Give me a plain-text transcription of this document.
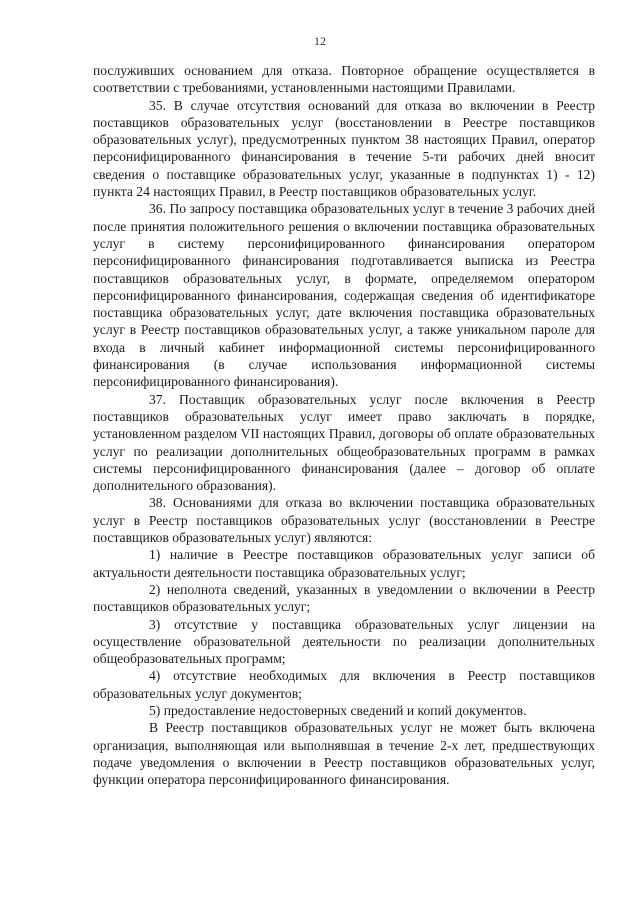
12

послуживших основанием для отказа. Повторное обращение осуществляется в соответствии с требованиями, установленными настоящими Правилами.

35. В случае отсутствия оснований для отказа во включении в Реестр поставщиков образовательных услуг (восстановлении в Реестре поставщиков образовательных услуг), предусмотренных пунктом 38 настоящих Правил, оператор персонифицированного финансирования в течение 5-ти рабочих дней вносит сведения о поставщике образовательных услуг, указанные в подпунктах 1) - 12) пункта 24 настоящих Правил, в Реестр поставщиков образовательных услуг.

36. По запросу поставщика образовательных услуг в течение 3 рабочих дней после принятия положительного решения о включении поставщика образовательных услуг в систему персонифицированного финансирования оператором персонифицированного финансирования подготавливается выписка из Реестра поставщиков образовательных услуг, в формате, определяемом оператором персонифицированного финансирования, содержащая сведения об идентификаторе поставщика образовательных услуг, дате включения поставщика образовательных услуг в Реестр поставщиков образовательных услуг, а также уникальном пароле для входа в личный кабинет информационной системы персонифицированного финансирования (в случае использования информационной системы персонифицированного финансирования).

37. Поставщик образовательных услуг после включения в Реестр поставщиков образовательных услуг имеет право заключать в порядке, установленном разделом VII настоящих Правил, договоры об оплате образовательных услуг по реализации дополнительных общеобразовательных программ в рамках системы персонифицированного финансирования (далее – договор об оплате дополнительного образования).

38. Основаниями для отказа во включении поставщика образовательных услуг в Реестр поставщиков образовательных услуг (восстановлении в Реестре поставщиков образовательных услуг) являются:

1) наличие в Реестре поставщиков образовательных услуг записи об актуальности деятельности поставщика образовательных услуг;

2) неполнота сведений, указанных в уведомлении о включении в Реестр поставщиков образовательных услуг;

3) отсутствие у поставщика образовательных услуг лицензии на осуществление образовательной деятельности по реализации дополнительных общеобразовательных программ;

4) отсутствие необходимых для включения в Реестр поставщиков образовательных услуг документов;

5) предоставление недостоверных сведений и копий документов.

В Реестр поставщиков образовательных услуг не может быть включена организация, выполняющая или выполнявшая в течение 2-х лет, предшествующих подаче уведомления о включении в Реестр поставщиков образовательных услуг, функции оператора персонифицированного финансирования.
